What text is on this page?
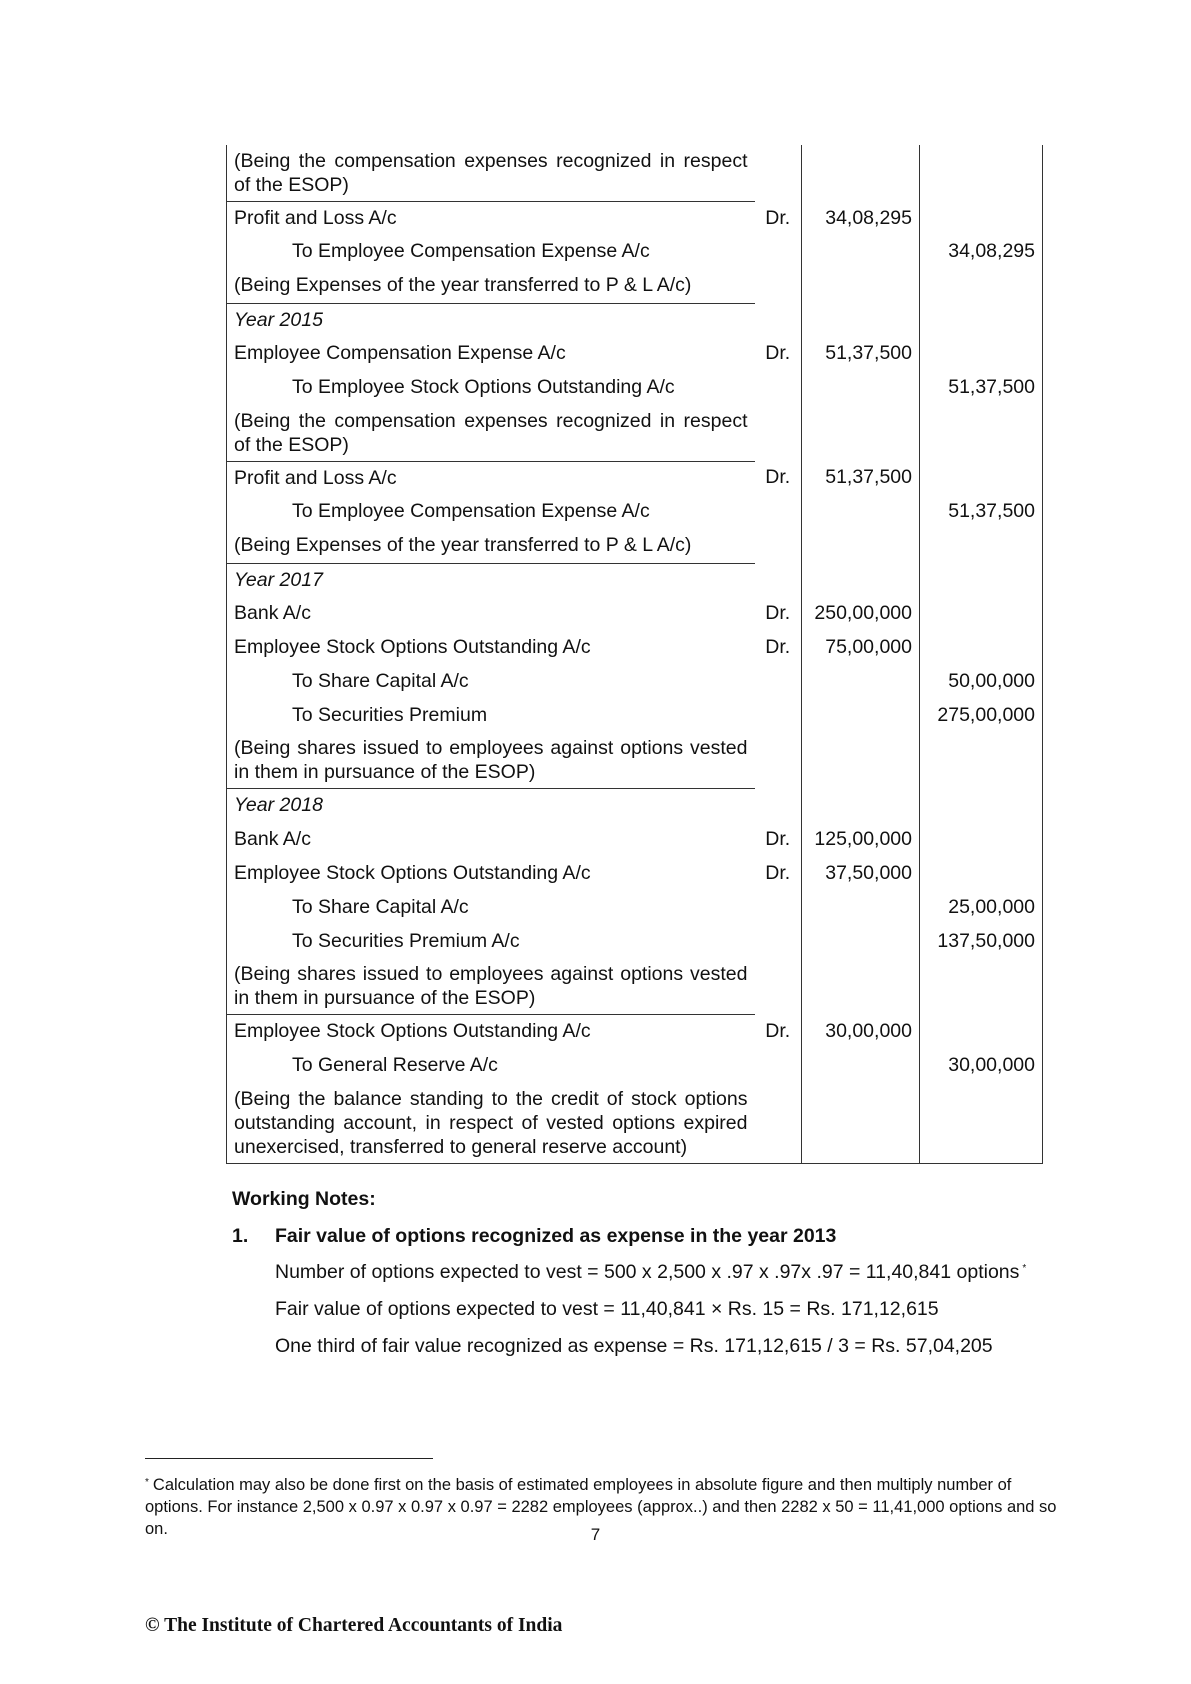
(Being the compensation expenses recognized in respect of the ESOP)			
Profit and Loss A/c	Dr.	34,08,295	
To Employee Compensation Expense A/c			34,08,295
(Being Expenses of the year transferred to P & L A/c)			
Year 2015			
Employee Compensation Expense A/c	Dr.	51,37,500	
To Employee Stock Options Outstanding A/c			51,37,500
(Being the compensation expenses recognized in respect of the ESOP)			
Profit and Loss A/c	Dr.	51,37,500	
To Employee Compensation Expense A/c			51,37,500
(Being Expenses of the year transferred to P & L A/c)			
Year 2017			
Bank A/c	Dr.	250,00,000	
Employee Stock Options Outstanding A/c	Dr.	75,00,000	
To Share Capital A/c			50,00,000
To Securities Premium			275,00,000
(Being shares issued to employees against options vested in them in pursuance of the ESOP)			
Year 2018			
Bank A/c	Dr.	125,00,000	
Employee Stock Options Outstanding A/c	Dr.	37,50,000	
To Share Capital A/c			25,00,000
To Securities Premium A/c			137,50,000
(Being shares issued to employees against options vested in them in pursuance of the ESOP)			
Employee Stock Options Outstanding A/c	Dr.	30,00,000	
To General Reserve A/c			30,00,000
(Being the balance standing to the credit of stock options outstanding account, in respect of vested options expired unexercised, transferred to general reserve account)			
Working Notes:
1. Fair value of options recognized as expense in the year 2013
Number of options expected to vest = 500 x 2,500 x .97 x .97x .97 = 11,40,841 options *
Fair value of options expected to vest = 11,40,841 × Rs. 15 = Rs. 171,12,615
One third of fair value recognized as expense = Rs. 171,12,615 / 3 = Rs. 57,04,205
* Calculation may also be done first on the basis of estimated employees in absolute figure and then multiply number of options. For instance 2,500 x 0.97 x 0.97 x 0.97 = 2282 employees (approx..) and then 2282 x 50 = 11,41,000 options and so on.	7
© The Institute of Chartered Accountants of India
